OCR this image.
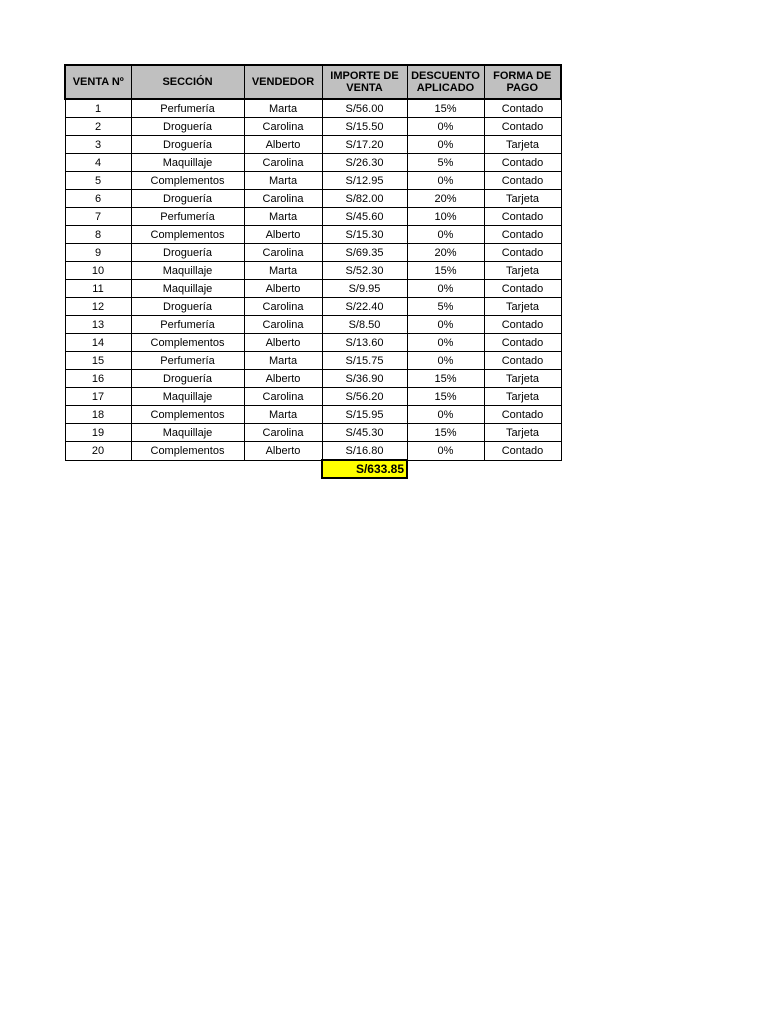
VENTA Nº	SECCIÓN	VENDEDOR	IMPORTE DE VENTA	DESCUENTO APLICADO	FORMA DE PAGO
1	Perfumería	Marta	S/56.00	15%	Contado
2	Droguería	Carolina	S/15.50	0%	Contado
3	Droguería	Alberto	S/17.20	0%	Tarjeta
4	Maquillaje	Carolina	S/26.30	5%	Contado
5	Complementos	Marta	S/12.95	0%	Contado
6	Droguería	Carolina	S/82.00	20%	Tarjeta
7	Perfumería	Marta	S/45.60	10%	Contado
8	Complementos	Alberto	S/15.30	0%	Contado
9	Droguería	Carolina	S/69.35	20%	Contado
10	Maquillaje	Marta	S/52.30	15%	Tarjeta
11	Maquillaje	Alberto	S/9.95	0%	Contado
12	Droguería	Carolina	S/22.40	5%	Tarjeta
13	Perfumería	Carolina	S/8.50	0%	Contado
14	Complementos	Alberto	S/13.60	0%	Contado
15	Perfumería	Marta	S/15.75	0%	Contado
16	Droguería	Alberto	S/36.90	15%	Tarjeta
17	Maquillaje	Carolina	S/56.20	15%	Tarjeta
18	Complementos	Marta	S/15.95	0%	Contado
19	Maquillaje	Carolina	S/45.30	15%	Tarjeta
20	Complementos	Alberto	S/16.80	0%	Contado
			S/633.85		
